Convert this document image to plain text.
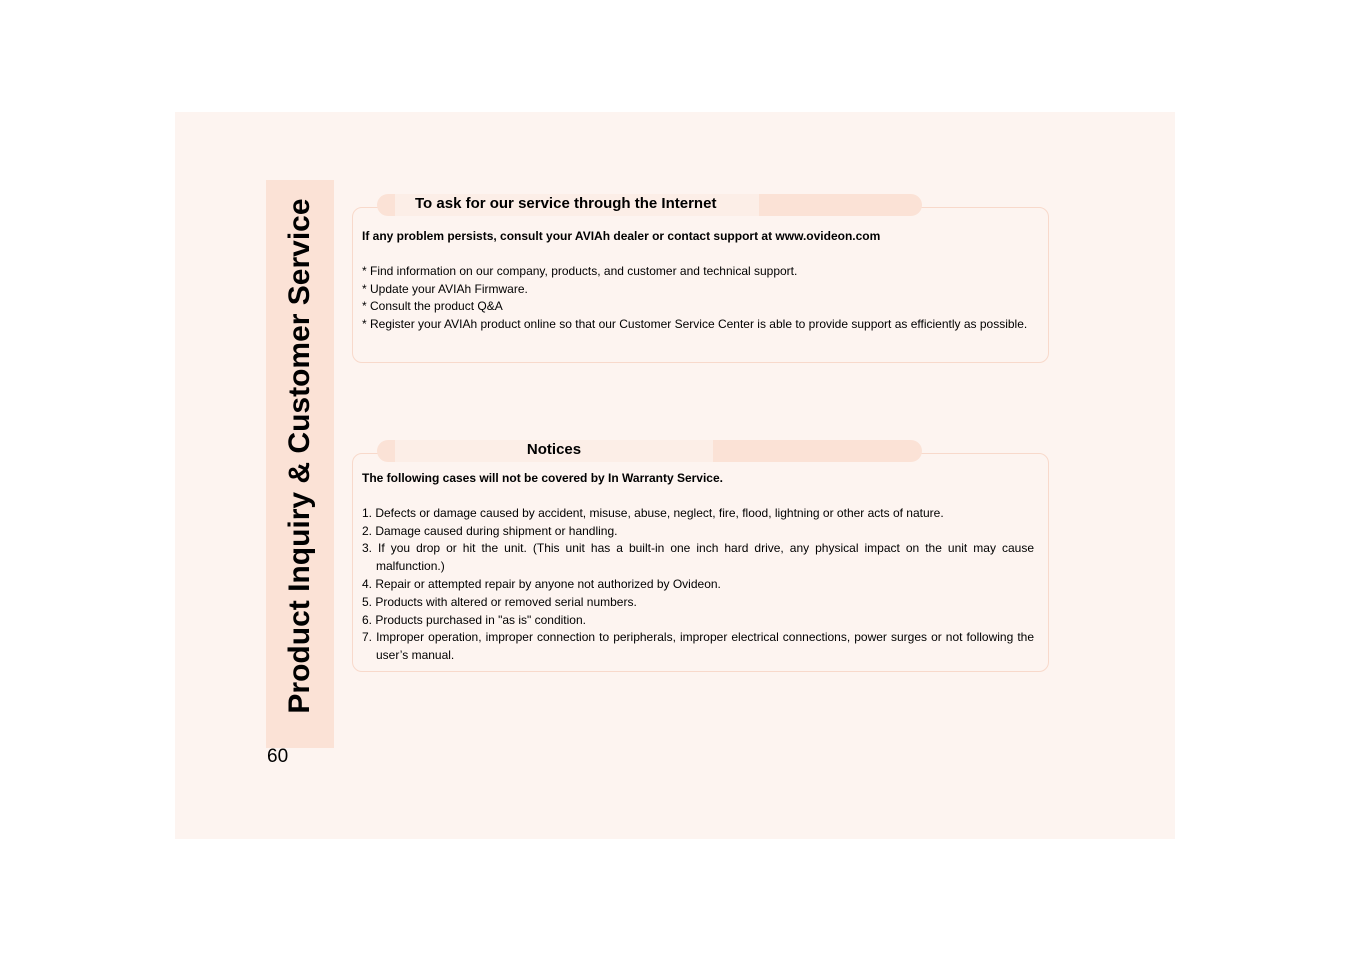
Product Inquiry & Customer Service
60
To ask for our service through the Internet

If any problem persists, consult your AVIAh dealer or contact support at www.ovideon.com

* Find information on our company, products, and customer and technical support.
* Update your AVIAh Firmware.
* Consult the product Q&A
* Register your AVIAh product online so that our Customer Service Center is able to provide support as efficiently as possible.
Notices

The following cases will not be covered by In Warranty Service.

1. Defects or damage caused by accident, misuse, abuse, neglect, fire, flood, lightning or other acts of nature.
2. Damage caused during shipment or handling.
3. If you drop or hit the unit. (This unit has a built-in one inch hard drive, any physical impact on the unit may cause malfunction.)
4. Repair or attempted repair by anyone not authorized by Ovideon.
5. Products with altered or removed serial numbers.
6. Products purchased in "as is" condition.
7. Improper operation, improper connection to peripherals, improper electrical connections, power surges or not following the user’s manual.
